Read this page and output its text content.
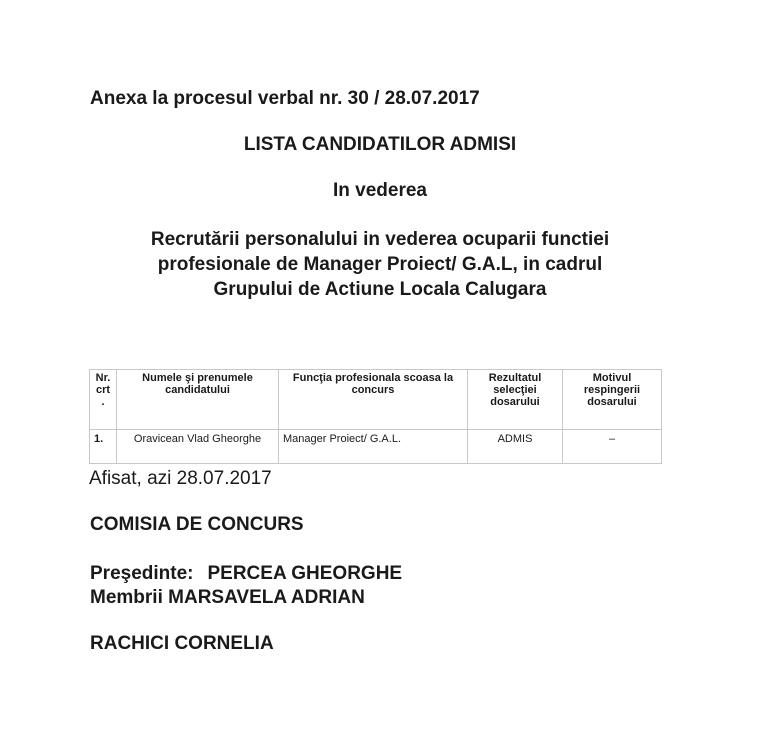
Anexa la procesul verbal nr. 30 / 28.07.2017
LISTA CANDIDATILOR ADMISI
In vederea
Recrutării personalului in vederea ocuparii functiei
profesionale de Manager Proiect/ G.A.L, in cadrul
Grupului de Actiune Locala Calugara
Nr. crt .	Numele şi prenumele candidatului	Funcţia profesionala scoasa la concurs	Rezultatul selecţiei dosarului	Motivul respingerii dosarului
1.	Oravicean Vlad Gheorghe	Manager Proiect/ G.A.L.	ADMIS	–
Afisat, azi 28.07.2017
COMISIA DE CONCURS
Preşedinte: PERCEA GHEORGHE
Membrii MARSAVELA ADRIAN
RACHICI CORNELIA
